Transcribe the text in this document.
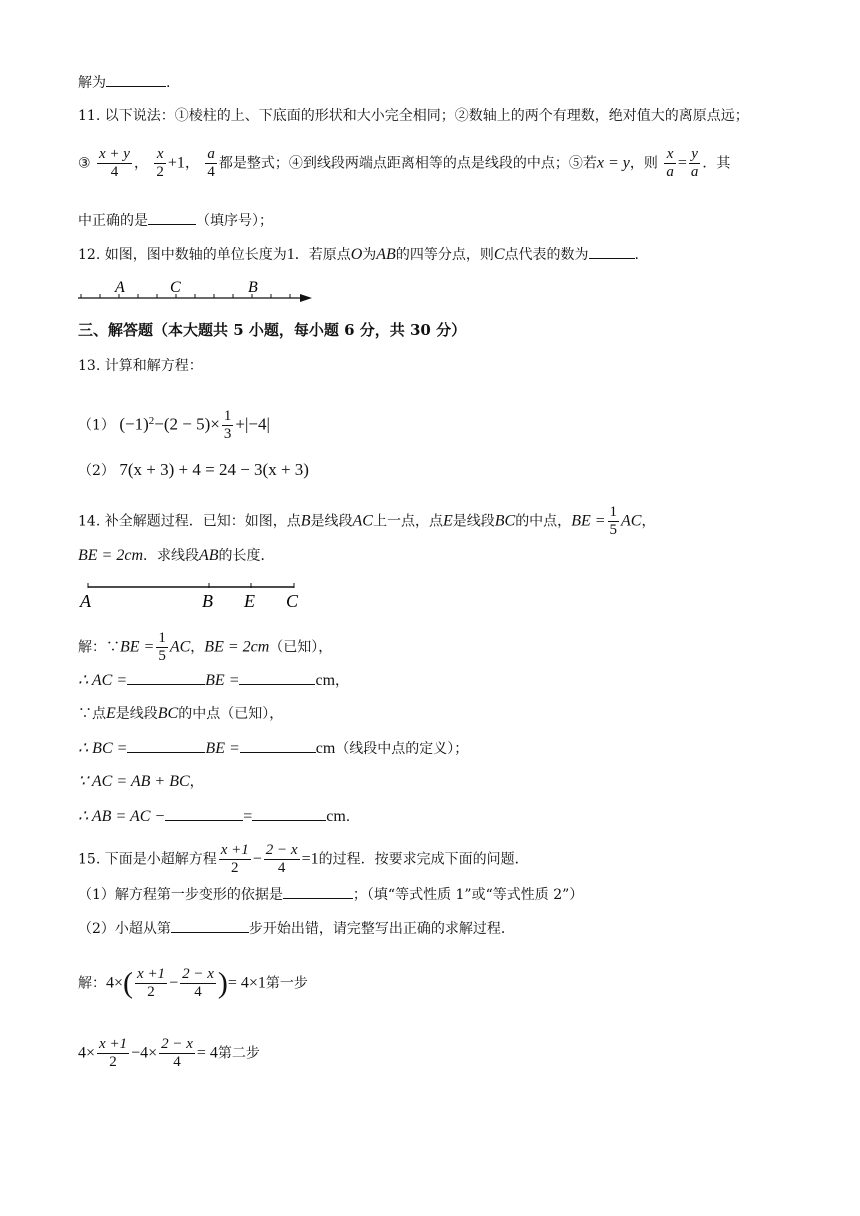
解为	.
11. 以下说法：①棱柱的上、下底面的形状和大小完全相同；②数轴上的两个有理数，绝对值大的离原点远；
③ $\frac{x + y}{4}$ ， $\frac{x}{2} +1$， $\frac{a}{4}$ 都是整式；④到线段两端点距离相等的点是线段的中点；⑤若x = y，则 $\frac{x}{a} = \frac{y}{a}$ ．其
中正确的是	（填序号）；
12. 如图，图中数轴的单位长度为1．若原点O为AB的四等分点，则C点代表的数为	.
A	C	B
三、解答题（本大题共 5 小题，每小题 6 分，共 30 分）
13. 计算和解方程：
（1） $(-1)^2-(2 - 5)\times \frac{1}{3} +|-4|$
（2） 7(x + 3) + 4 = 24 − 3(x + 3)
14. 补全解题过程．已知：如图，点B是线段AC上一点，点E是线段BC的中点，BE = $\frac{1}{5}$ AC，
BE = 2cm．求线段AB的长度．
A	B E C
解：∵BE = $\frac{1}{5}$ AC，BE = 2cm（已知），
∴ AC =	BE =	cm，
∵点E是线段BC的中点（已知），
∴ BC =	BE =	cm（线段中点的定义）；
∵ AC = AB + BC，
∴ AB = AC −	=	cm.
15. 下面是小超解方程 $\frac{x +1}{2} - \frac{2 - x}{4} =1$的过程．按要求完成下面的问题．
（1）解方程第一步变形的依据是	；（填“等式性质 1”或“等式性质 2”）
（2）小超从第	步开始出错，请完整写出正确的求解过程．
解：$4\times( \frac{x +1}{2} - \frac{2 - x}{4}$ )= 4×1第一步
$4\times \frac{x +1}{2} -4\times \frac{2 - x}{4} = 4$第二步
